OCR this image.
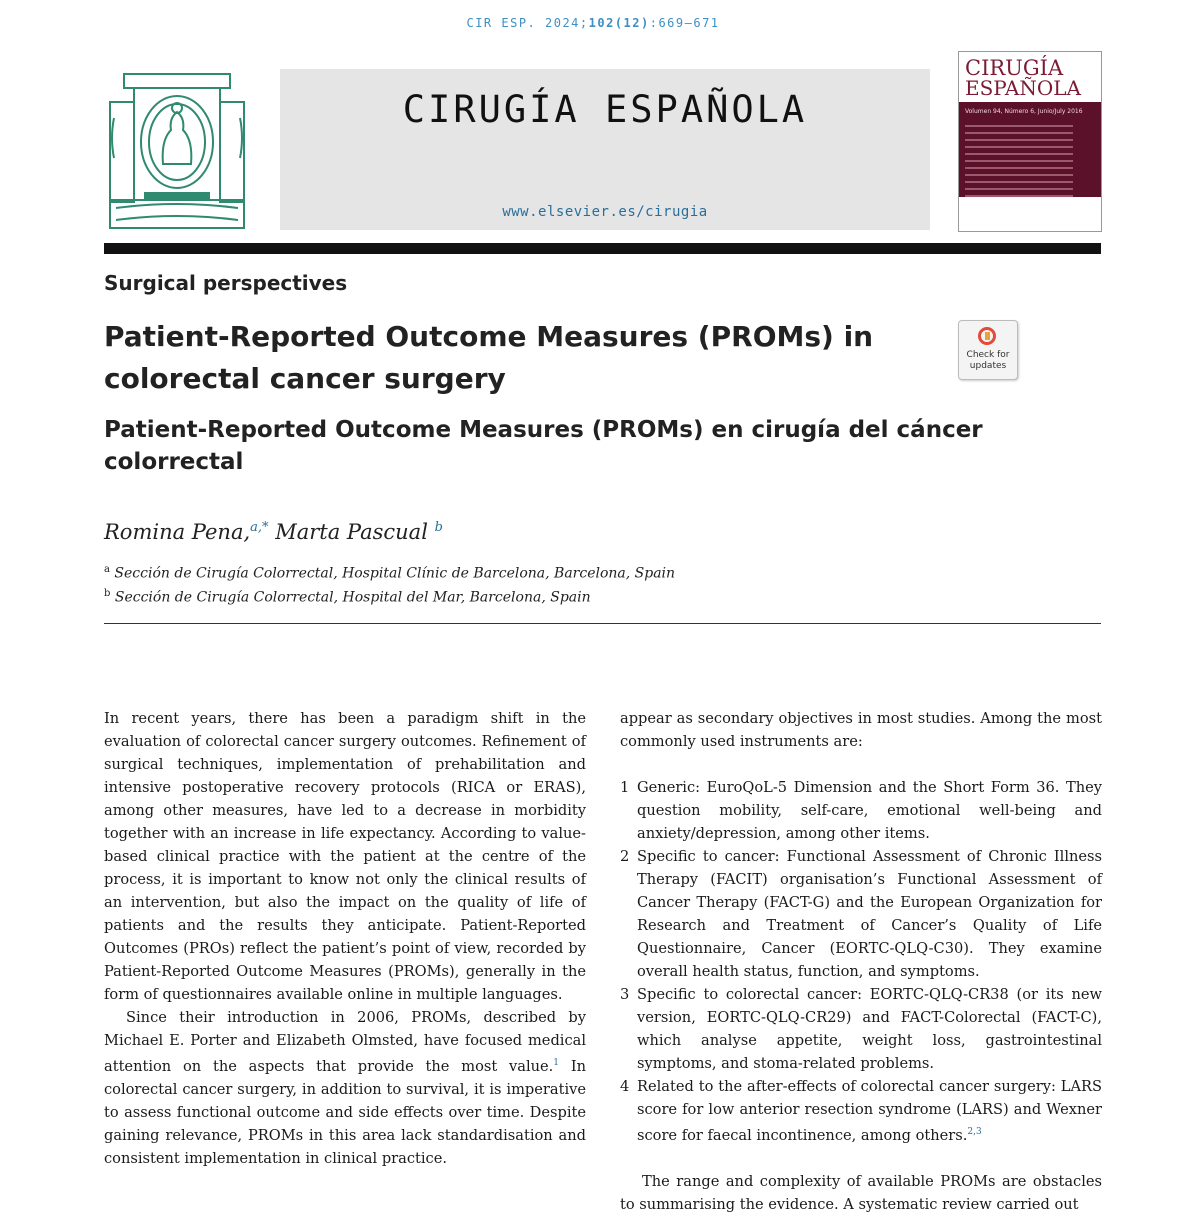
CIR ESP. 2024;102(12):669–671
CIRUGÍA ESPAÑOLA
www.elsevier.es/cirugia
CIRUGÍA
ESPAÑOLA
Volumen 94, Número 6, Junio/July 2016
Surgical perspectives
Patient-Reported Outcome Measures (PROMs) in colorectal cancer surgery
Check for
updates
Patient-Reported Outcome Measures (PROMs) en cirugía del cáncer colorrectal
Romina Pena,$^{a,*}$ Marta Pascual $^b$
$^a$ Sección de Cirugía Colorrectal, Hospital Clínic de Barcelona, Barcelona, Spain
$^b$ Sección de Cirugía Colorrectal, Hospital del Mar, Barcelona, Spain

In recent years, there has been a paradigm shift in the evaluation of colorectal cancer surgery outcomes. Refinement of surgical techniques, implementation of prehabilitation and intensive postoperative recovery protocols (RICA or ERAS), among other measures, have led to a decrease in morbidity together with an increase in life expectancy. According to value-based clinical practice with the patient at the centre of the process, it is important to know not only the clinical results of an intervention, but also the impact on the quality of life of patients and the results they anticipate. Patient-Reported Outcomes (PROs) reflect the patient’s point of view, recorded by Patient-Reported Outcome Measures (PROMs), generally in the form of questionnaires available online in multiple languages.

Since their introduction in 2006, PROMs, described by Michael E. Porter and Elizabeth Olmsted, have focused medical attention on the aspects that provide the most value.$^1$ In colorectal cancer surgery, in addition to survival, it is imperative to assess functional outcome and side effects over time. Despite gaining relevance, PROMs in this area lack standardisation and consistent implementation in clinical practice.

appear as secondary objectives in most studies. Among the most commonly used instruments are:

1 Generic: EuroQoL-5 Dimension and the Short Form 36. They question mobility, self-care, emotional well-being and anxiety/depression, among other items.
2 Specific to cancer: Functional Assessment of Chronic Illness Therapy (FACIT) organisation’s Functional Assessment of Cancer Therapy (FACT-G) and the European Organization for Research and Treatment of Cancer’s Quality of Life Questionnaire, Cancer (EORTC-QLQ-C30). They examine overall health status, function, and symptoms.
3 Specific to colorectal cancer: EORTC-QLQ-CR38 (or its new version, EORTC-QLQ-CR29) and FACT-Colorectal (FACT-C), which analyse appetite, weight loss, gastrointestinal symptoms, and stoma-related problems.
4 Related to the after-effects of colorectal cancer surgery: LARS score for low anterior resection syndrome (LARS) and Wexner score for faecal incontinence, among others.$^{2,3}$

The range and complexity of available PROMs are obstacles to summarising the evidence. A systematic review carried out
